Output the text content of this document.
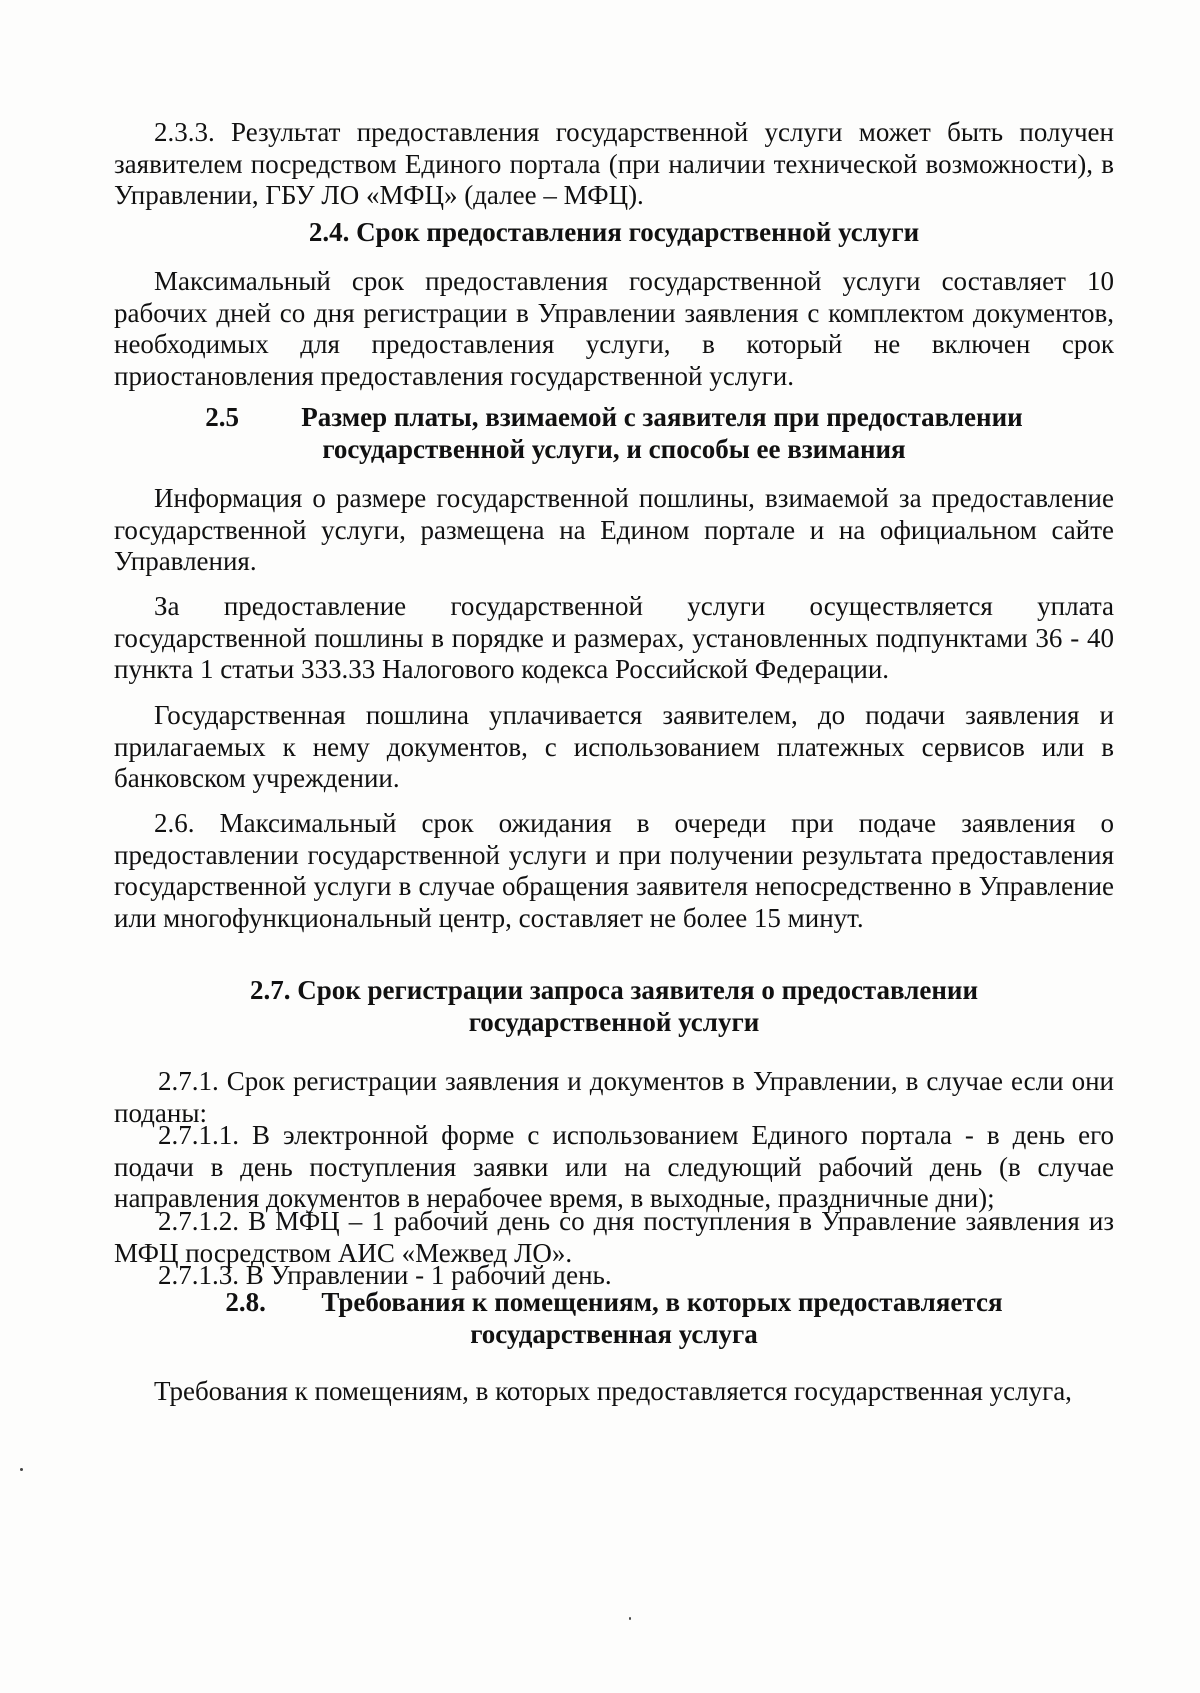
2.3.3. Результат предоставления государственной услуги может быть получен заявителем посредством Единого портала (при наличии технической возможности), в Управлении, ГБУ ЛО «МФЦ» (далее – МФЦ).
2.4. Срок предоставления государственной услуги
Максимальный срок предоставления государственной услуги составляет 10 рабочих дней со дня регистрации в Управлении заявления с комплектом документов, необходимых для предоставления услуги, в который не включен срок приостановления предоставления государственной услуги.
2.5 Размер платы, взимаемой с заявителя при предоставлении
государственной услуги, и способы ее взимания
Информация о размере государственной пошлины, взимаемой за предоставление государственной услуги, размещена на Едином портале и на официальном сайте Управления.
За предоставление государственной услуги осуществляется уплата государственной пошлины в порядке и размерах, установленных подпунктами 36 - 40 пункта 1 статьи 333.33 Налогового кодекса Российской Федерации.
Государственная пошлина уплачивается заявителем, до подачи заявления и прилагаемых к нему документов, с использованием платежных сервисов или в банковском учреждении.
2.6. Максимальный срок ожидания в очереди при подаче заявления о предоставлении государственной услуги и при получении результата предоставления государственной услуги в случае обращения заявителя непосредственно в Управление или многофункциональный центр, составляет не более 15 минут.
2.7. Срок регистрации запроса заявителя о предоставлении
государственной услуги
2.7.1. Срок регистрации заявления и документов в Управлении, в случае если они поданы:
2.7.1.1. В электронной форме с использованием Единого портала - в день его подачи в день поступления заявки или на следующий рабочий день (в случае направления документов в нерабочее время, в выходные, праздничные дни);
2.7.1.2. В МФЦ – 1 рабочий день со дня поступления в Управление заявления из МФЦ посредством АИС «Межвед ЛО».
2.7.1.3. В Управлении - 1 рабочий день.
2.8. Требования к помещениям, в которых предоставляется
государственная услуга
Требования к помещениям, в которых предоставляется государственная услуга,
